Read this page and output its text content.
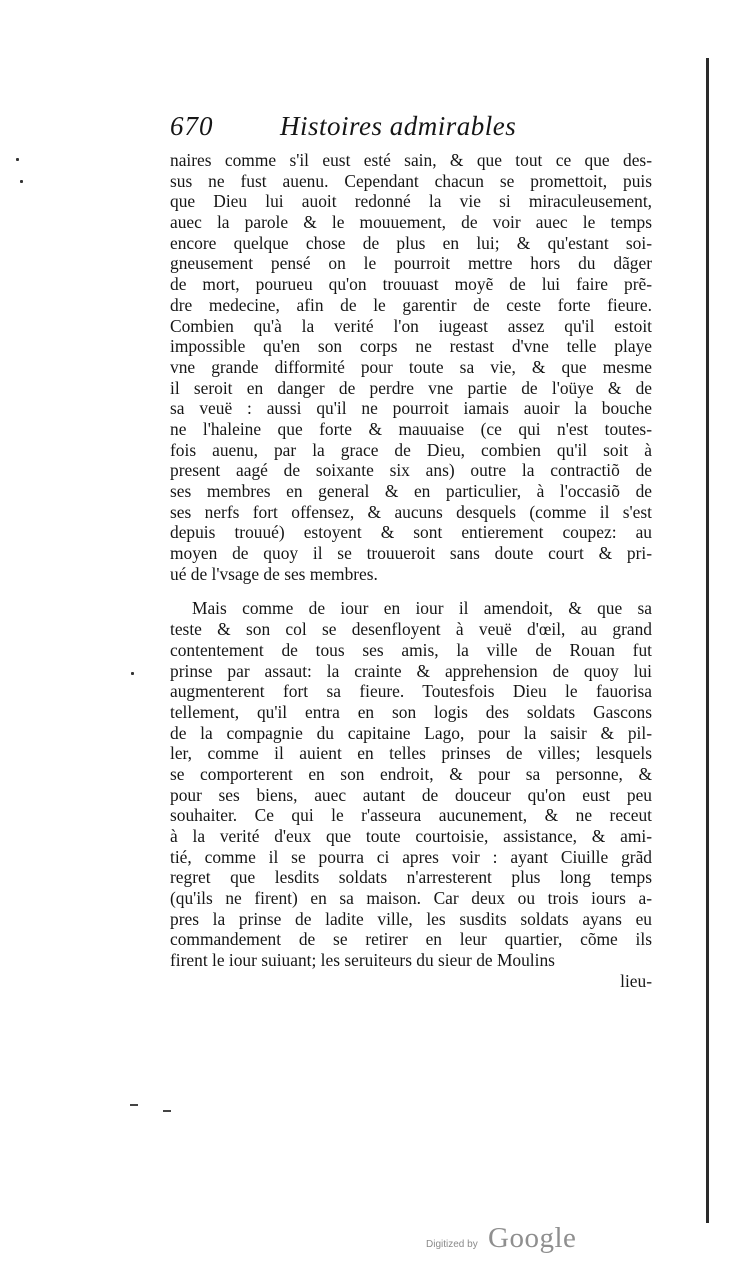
670 Histoires admirables
naires comme s'il eust esté sain, & que tout ce que des-
sus ne fust auenu. Cependant chacun se promettoit, puis
que Dieu lui auoit redonné la vie si miraculeusement,
auec la parole & le mouuement, de voir auec le temps
encore quelque chose de plus en lui; & qu'estant soi-
gneusement pensé on le pourroit mettre hors du dãger
de mort, pourueu qu'on trouuast moyẽ de lui faire prẽ-
dre medecine, afin de le garentir de ceste forte fieure.
Combien qu'à la verité l'on iugeast assez qu'il estoit
impossible qu'en son corps ne restast d'vne telle playe
vne grande difformité pour toute sa vie, & que mesme
il seroit en danger de perdre vne partie de l'oüye & de
sa veuë : aussi qu'il ne pourroit iamais auoir la bouche
ne l'haleine que forte & mauuaise (ce qui n'est toutes-
fois auenu, par la grace de Dieu, combien qu'il soit à
present aagé de soixante six ans) outre la contractiõ de
ses membres en general & en particulier, à l'occasiõ de
ses nerfs fort offensez, & aucuns desquels (comme il s'est
depuis trouué) estoyent & sont entierement coupez: au
moyen de quoy il se trouueroit sans doute court & pri-
ué de l'vsage de ses membres.
Mais comme de iour en iour il amendoit, & que sa
teste & son col se desenfloyent à veuë d'œil, au grand
contentement de tous ses amis, la ville de Rouan fut
prinse par assaut: la crainte & apprehension de quoy lui
augmenterent fort sa fieure. Toutesfois Dieu le fauorisa
tellement, qu'il entra en son logis des soldats Gascons
de la compagnie du capitaine Lago, pour la saisir & pil-
ler, comme il auient en telles prinses de villes; lesquels
se comporterent en son endroit, & pour sa personne, &
pour ses biens, auec autant de douceur qu'on eust peu
souhaiter. Ce qui le r'asseura aucunement, & ne receut
à la verité d'eux que toute courtoisie, assistance, & ami-
tié, comme il se pourra ci apres voir : ayant Ciuille grãd
regret que lesdits soldats n'arresterent plus long temps
(qu'ils ne firent) en sa maison. Car deux ou trois iours a-
pres la prinse de ladite ville, les susdits soldats ayans eu
commandement de se retirer en leur quartier, cõme ils
firent le iour suiuant; les seruiteurs du sieur de Moulins
lieu-
Digitized by Google
